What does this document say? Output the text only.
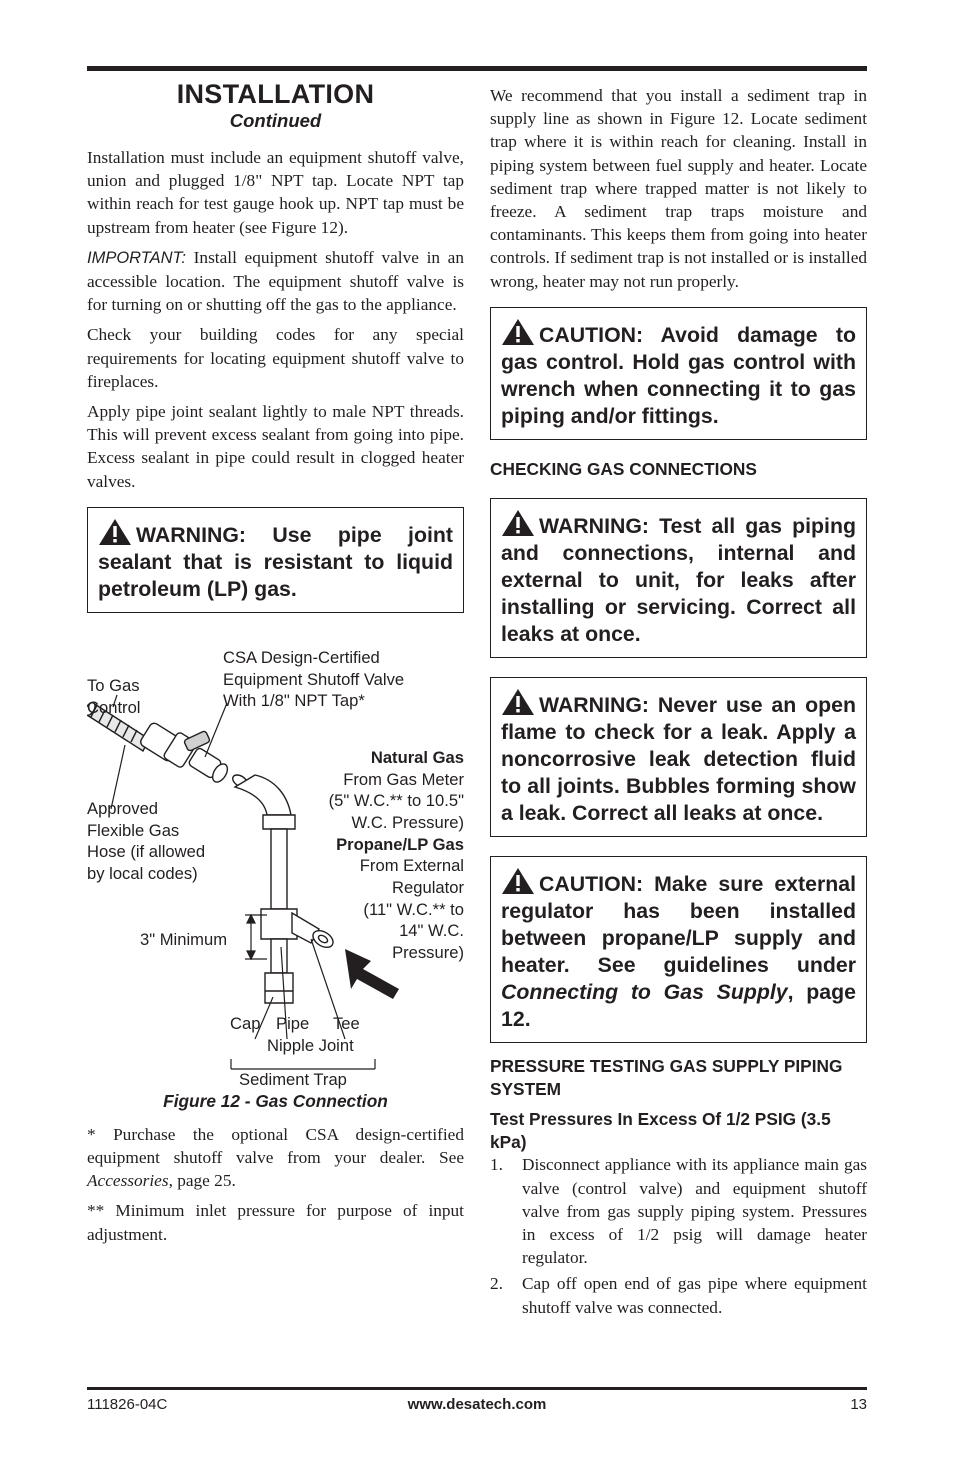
INSTALLATION
Continued

Installation must include an equipment shutoff valve, union and plugged 1/8" NPT tap. Locate NPT tap within reach for test gauge hook up. NPT tap must be upstream from heater (see Figure 12).

IMPORTANT: Install equipment shutoff valve in an accessible location. The equipment shutoff valve is for turning on or shutting off the gas to the appliance.

Check your building codes for any special requirements for locating equipment shutoff valve to fireplaces.

Apply pipe joint sealant lightly to male NPT threads. This will prevent excess sealant from going into pipe. Excess sealant in pipe could result in clogged heater valves.

WARNING: Use pipe joint sealant that is resistant to liquid petroleum (LP) gas.
To Gas
Control
CSA Design-Certified
Equipment Shutoff Valve
With 1/8" NPT Tap*
Natural Gas
From Gas Meter
(5" W.C.** to 10.5"
W.C. Pressure)
Propane/LP Gas
From External
Regulator
(11" W.C.** to
14" W.C.
Pressure)
Approved
Flexible Gas
Hose (if allowed
by local codes)
3" Minimum
Cap Pipe Tee
Nipple Joint
Sediment Trap
Figure 12 - Gas Connection

* Purchase the optional CSA design-certified equipment shutoff valve from your dealer. See Accessories, page 25.

** Minimum inlet pressure for purpose of input adjustment.

We recommend that you install a sediment trap in supply line as shown in Figure 12. Locate sediment trap where it is within reach for cleaning. Install in piping system between fuel supply and heater. Locate sediment trap where trapped matter is not likely to freeze. A sediment trap traps moisture and contaminants. This keeps them from going into heater controls. If sediment trap is not installed or is installed wrong, heater may not run properly.

CAUTION: Avoid damage to gas control. Hold gas control with wrench when connecting it to gas piping and/or fittings.
CHECKING GAS CONNECTIONS
WARNING: Test all gas piping and connections, internal and external to unit, for leaks after installing or servicing. Correct all leaks at once.
WARNING: Never use an open flame to check for a leak. Apply a noncorrosive leak detection fluid to all joints. Bubbles forming show a leak. Correct all leaks at once.
CAUTION: Make sure external regulator has been installed between propane/LP supply and heater. See guidelines under Connecting to Gas Supply, page 12.
PRESSURE TESTING GAS SUPPLY PIPING SYSTEM
Test Pressures In Excess Of 1/2 PSIG (3.5 kPa)
1. Disconnect appliance with its appliance main gas valve (control valve) and equipment shutoff valve from gas supply piping system. Pressures in excess of 1/2 psig will damage heater regulator.
2. Cap off open end of gas pipe where equipment shutoff valve was connected.
111826-04C	www.desatech.com	13
